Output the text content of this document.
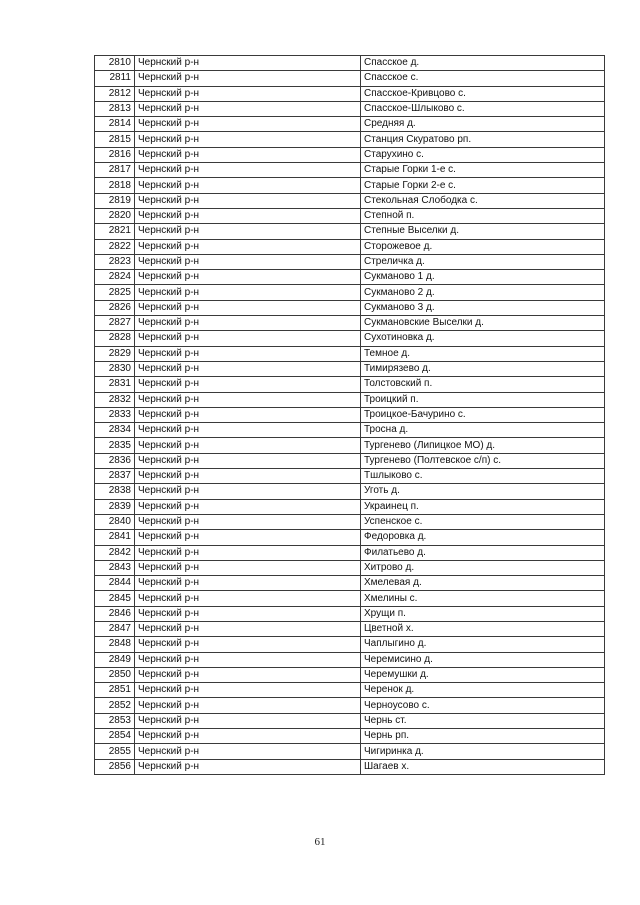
2810	Чернский р-н	Спасское д.
2811	Чернский р-н	Спасское с.
2812	Чернский р-н	Спасское-Кривцово с.
2813	Чернский р-н	Спасское-Шлыково с.
2814	Чернский р-н	Средняя д.
2815	Чернский р-н	Станция Скуратово рп.
2816	Чернский р-н	Старухино с.
2817	Чернский р-н	Старые Горки 1-е с.
2818	Чернский р-н	Старые Горки 2-е с.
2819	Чернский р-н	Стекольная Слободка с.
2820	Чернский р-н	Степной п.
2821	Чернский р-н	Степные Выселки д.
2822	Чернский р-н	Сторожевое д.
2823	Чернский р-н	Стреличка д.
2824	Чернский р-н	Сукманово 1 д.
2825	Чернский р-н	Сукманово 2 д.
2826	Чернский р-н	Сукманово 3 д.
2827	Чернский р-н	Сукмановские Выселки д.
2828	Чернский р-н	Сухотиновка д.
2829	Чернский р-н	Темное д.
2830	Чернский р-н	Тимирязево д.
2831	Чернский р-н	Толстовский п.
2832	Чернский р-н	Троицкий п.
2833	Чернский р-н	Троицкое-Бачурино с.
2834	Чернский р-н	Тросна д.
2835	Чернский р-н	Тургенево (Липицкое МО) д.
2836	Чернский р-н	Тургенево (Полтевское с/п) с.
2837	Чернский р-н	Тшлыково с.
2838	Чернский р-н	Уготь д.
2839	Чернский р-н	Украинец п.
2840	Чернский р-н	Успенское с.
2841	Чернский р-н	Федоровка д.
2842	Чернский р-н	Филатьево д.
2843	Чернский р-н	Хитрово д.
2844	Чернский р-н	Хмелевая д.
2845	Чернский р-н	Хмелины с.
2846	Чернский р-н	Хрущи п.
2847	Чернский р-н	Цветной х.
2848	Чернский р-н	Чаплыгино д.
2849	Чернский р-н	Черемисино д.
2850	Чернский р-н	Черемушки д.
2851	Чернский р-н	Черенок д.
2852	Чернский р-н	Черноусово с.
2853	Чернский р-н	Чернь ст.
2854	Чернский р-н	Чернь рп.
2855	Чернский р-н	Чигиринка д.
2856	Чернский р-н	Шагаев х.
61
